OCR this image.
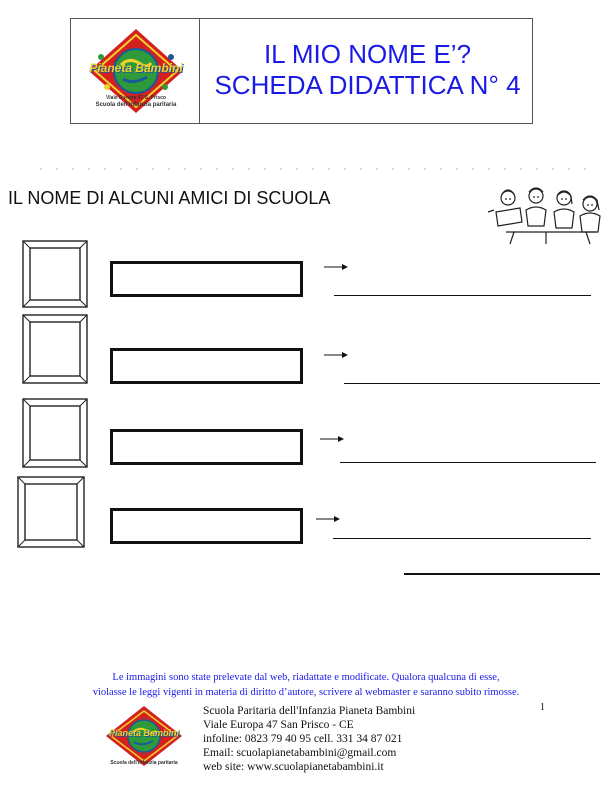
Pianeta Bambini
Viale Europa 47 S. Prisco
Scuola dell'infanzia paritaria
IL MIO NOME E’?
SCHEDA DIDATTICA N° 4
IL NOME DI ALCUNI AMICI DI SCUOLA
Le immagini sono state prelevate dal web, riadattate e modificate. Qualora qualcuna di esse,
violasse le leggi vigenti in materia di diritto d’autore, scrivere al webmaster e saranno subito rimosse.
Pianeta Bambini
Scuola dell'infanzia paritaria
Scuola Paritaria dell'Infanzia Pianeta Bambini
Viale Europa 47 San Prisco - CE
infoline: 0823 79 40 95 cell. 331 34 87 021
Email: scuolapianetabambini@gmail.com
web site: www.scuolapianetabambini.it
1
